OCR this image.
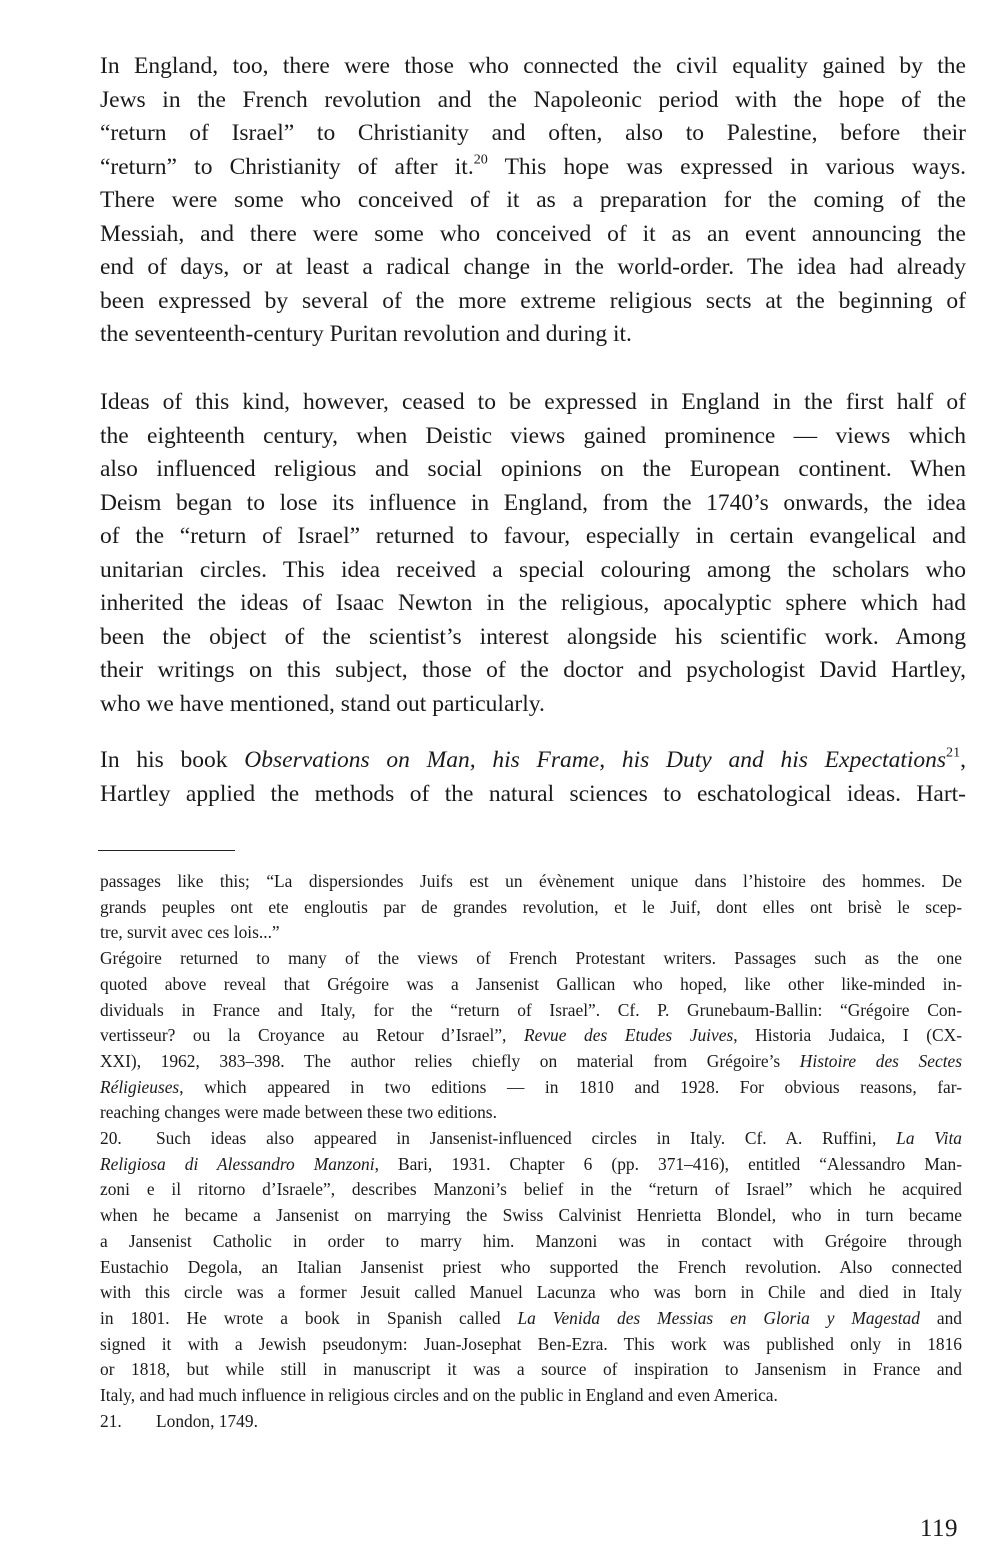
In England, too, there were those who connected the civil equality gained by the
Jews in the French revolution and the Napoleonic period with the hope of the
“return of Israel” to Christianity and often, also to Palestine, before their
“return” to Christianity of after it.$^{20}$ This hope was expressed in various ways.
There were some who conceived of it as a preparation for the coming of the
Messiah, and there were some who conceived of it as an event announcing the
end of days, or at least a radical change in the world-order. The idea had already
been expressed by several of the more extreme religious sects at the beginning of
the seventeenth-century Puritan revolution and during it.
Ideas of this kind, however, ceased to be expressed in England in the first half of
the eighteenth century, when Deistic views gained prominence — views which
also influenced religious and social opinions on the European continent. When
Deism began to lose its influence in England, from the 1740’s onwards, the idea
of the “return of Israel” returned to favour, especially in certain evangelical and
unitarian circles. This idea received a special colouring among the scholars who
inherited the ideas of Isaac Newton in the religious, apocalyptic sphere which had
been the object of the scientist’s interest alongside his scientific work. Among
their writings on this subject, those of the doctor and psychologist David Hartley,
who we have mentioned, stand out particularly.
In his book Observations on Man, his Frame, his Duty and his Expectations$^{21}$,
Hartley applied the methods of the natural sciences to eschatological ideas. Hart-
passages like this; “La dispersiondes Juifs est un évènement unique dans l’histoire des hommes. De
grands peuples ont ete engloutis par de grandes revolution, et le Juif, dont elles ont brisè le scep-
tre, survit avec ces lois...”
Grégoire returned to many of the views of French Protestant writers. Passages such as the one
quoted above reveal that Grégoire was a Jansenist Gallican who hoped, like other like-minded in-
dividuals in France and Italy, for the “return of Israel”. Cf. P. Grunebaum-Ballin: “Grégoire Con-
vertisseur? ou la Croyance au Retour d’Israel”, Revue des Etudes Juives, Historia Judaica, I (CX-
XXI), 1962, 383–398. The author relies chiefly on material from Grégoire’s Histoire des Sectes
Réligieuses, which appeared in two editions — in 1810 and 1928. For obvious reasons, far-
reaching changes were made between these two editions.
20. Such ideas also appeared in Jansenist-influenced circles in Italy. Cf. A. Ruffini, La Vita
Religiosa di Alessandro Manzoni, Bari, 1931. Chapter 6 (pp. 371–416), entitled “Alessandro Man-
zoni e il ritorno d’Israele”, describes Manzoni’s belief in the “return of Israel” which he acquired
when he became a Jansenist on marrying the Swiss Calvinist Henrietta Blondel, who in turn became
a Jansenist Catholic in order to marry him. Manzoni was in contact with Grégoire through
Eustachio Degola, an Italian Jansenist priest who supported the French revolution. Also connected
with this circle was a former Jesuit called Manuel Lacunza who was born in Chile and died in Italy
in 1801. He wrote a book in Spanish called La Venida des Messias en Gloria y Magestad and
signed it with a Jewish pseudonym: Juan-Josephat Ben-Ezra. This work was published only in 1816
or 1818, but while still in manuscript it was a source of inspiration to Jansenism in France and
Italy, and had much influence in religious circles and on the public in England and even America.
21. London, 1749.
119
